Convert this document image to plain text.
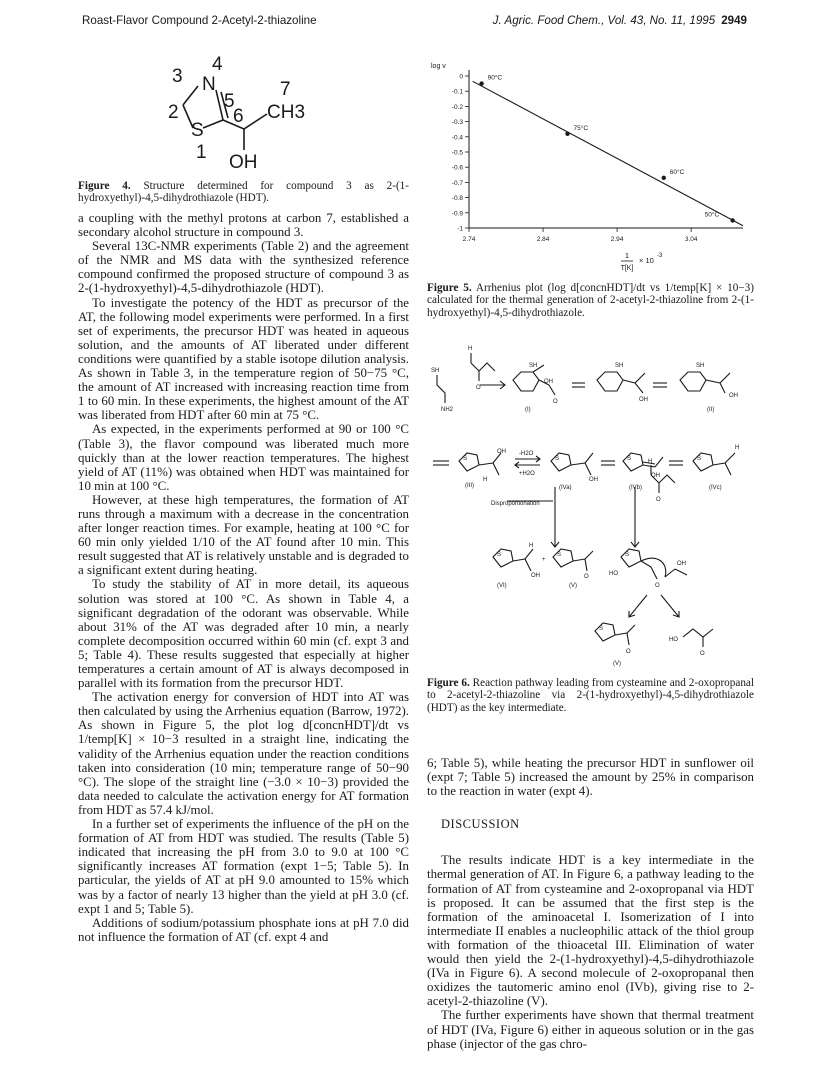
Roast-Flavor Compound 2-Acetyl-2-thiazoline	J. Agric. Food Chem., Vol. 43, No. 11, 1995 2949
3
4
N
2
5
6
7
CH3
S
1 OH
Figure 4. Structure determined for compound 3 as 2-(1-hydroxyethyl)-4,5-dihydrothiazole (HDT).

a coupling with the methyl protons at carbon 7, established a secondary alcohol structure in compound 3.

Several 13C-NMR experiments (Table 2) and the agreement of the NMR and MS data with the synthesized reference compound confirmed the proposed structure of compound 3 as 2-(1-hydroxyethyl)-4,5-dihydrothiazole (HDT).

To investigate the potency of the HDT as precursor of the AT, the following model experiments were performed. In a first set of experiments, the precursor HDT was heated in aqueous solution, and the amounts of AT liberated under different conditions were quantified by a stable isotope dilution analysis. As shown in Table 3, in the temperature region of 50−75 °C, the amount of AT increased with increasing reaction time from 1 to 60 min. In these experiments, the highest amount of the AT was liberated from HDT after 60 min at 75 °C.

As expected, in the experiments performed at 90 or 100 °C (Table 3), the flavor compound was liberated much more quickly than at the lower reaction temperatures. The highest yield of AT (11%) was obtained when HDT was maintained for 10 min at 100 °C.

However, at these high temperatures, the formation of AT runs through a maximum with a decrease in the concentration after longer reaction times. For example, heating at 100 °C for 60 min only yielded 1/10 of the AT found after 10 min. This result suggested that AT is relatively unstable and is degraded to a significant extent during heating.

To study the stability of AT in more detail, its aqueous solution was stored at 100 °C. As shown in Table 4, a significant degradation of the odorant was observable. While about 31% of the AT was degraded after 10 min, a nearly complete decomposition occurred within 60 min (cf. expt 3 and 5; Table 4). These results suggested that especially at higher temperatures a certain amount of AT is always decomposed in parallel with its formation from the precursor HDT.

The activation energy for conversion of HDT into AT was then calculated by using the Arrhenius equation (Barrow, 1972). As shown in Figure 5, the plot log d[concnHDT]/dt vs 1/temp[K] × 10−3 resulted in a straight line, indicating the validity of the Arrhenius equation under the reaction conditions taken into consideration (10 min; temperature range of 50−90 °C). The slope of the straight line (−3.0 × 10−3) provided the data needed to calculate the activation energy for AT formation from HDT as 57.4 kJ/mol.

In a further set of experiments the influence of the pH on the formation of AT from HDT was studied. The results (Table 5) indicated that increasing the pH from 3.0 to 9.0 at 100 °C significantly increases AT formation (expt 1−5; Table 5). In particular, the yields of AT at pH 9.0 amounted to 15% which was by a factor of nearly 13 higher than the yield at pH 3.0 (cf. expt 1 and 5; Table 5).

Additions of sodium/potassium phosphate ions at pH 7.0 did not influence the formation of AT (cf. expt 4 and

log v
0
-0.1
-0.2
-0.3
-0.4
-0.5
-0.6
-0.7
-0.8
-0.9
-1
2.74	2.84	2.94	3.04
90°C
75°C
60°C
50°C
1
T[K]
× 10 -3
Figure 5. Arrhenius plot (log d[concnHDT]/dt vs 1/temp[K] × 10−3) calculated for the thermal generation of 2-acetyl-2-thiazoline from 2-(1-hydroxyethyl)-4,5-dihydrothiazole.
SH
NH2
H
O
SH
OH
O
(I)
SH
OH
SH
OH
(II)
S
OH
H
(III)
-H2O
+H2O
S
OH
(IVa)
S
OH
(IVb)
S
H
(IVc)
Disproportionation
H
O
S
H
OH
+
(VI)
S
O
(V)
S
HO
O
OH
S
O
HO
O
(V)
Figure 6. Reaction pathway leading from cysteamine and 2-oxopropanal to 2-acetyl-2-thiazoline via 2-(1-hydroxyethyl)-4,5-dihydrothiazole (HDT) as the key intermediate.

6; Table 5), while heating the precursor HDT in sunflower oil (expt 7; Table 5) increased the amount by 25% in comparison to the reaction in water (expt 4).

DISCUSSION

The results indicate HDT is a key intermediate in the thermal generation of AT. In Figure 6, a pathway leading to the formation of AT from cysteamine and 2-oxopropanal via HDT is proposed. It can be assumed that the first step is the formation of the aminoacetal I. Isomerization of I into intermediate II enables a nucleophilic attack of the thiol group with formation of the thioacetal III. Elimination of water would then yield the 2-(1-hydroxyethyl)-4,5-dihydrothiazole (IVa in Figure 6). A second molecule of 2-oxopropanal then oxidizes the tautomeric amino enol (IVb), giving rise to 2-acetyl-2-thiazoline (V).

The further experiments have shown that thermal treatment of HDT (IVa, Figure 6) either in aqueous solution or in the gas phase (injector of the gas chro-
